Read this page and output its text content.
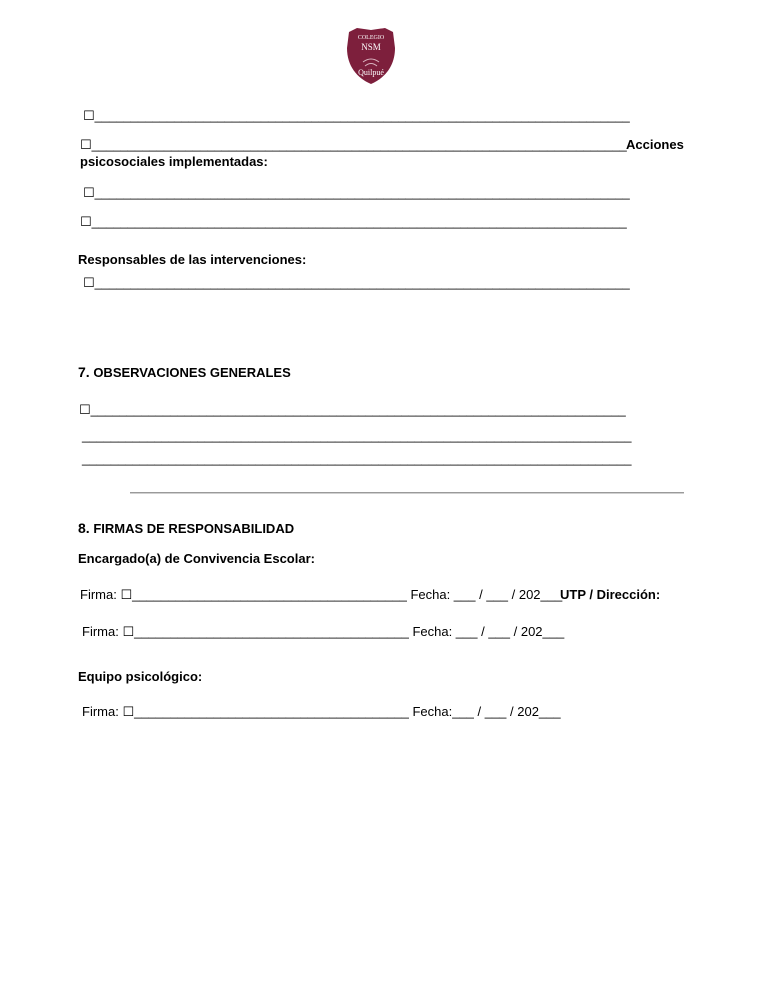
COLEGIO
NSM
Quilpué
☐__________________________________________________________________________
☐__________________________________________________________________________ Acciones
psicosociales implementadas:
☐__________________________________________________________________________
☐__________________________________________________________________________
Responsables de las intervenciones:
☐__________________________________________________________________________
7. OBSERVACIONES GENERALES
☐__________________________________________________________________________
____________________________________________________________________________
____________________________________________________________________________
8. FIRMAS DE RESPONSABILIDAD
Encargado(a) de Convivencia Escolar:
Firma: ☐______________________________________ Fecha: ___ / ___ / 202___
UTP / Dirección:
Firma: ☐______________________________________ Fecha: ___ / ___ / 202___
Equipo psicológico:
Firma: ☐______________________________________ Fecha:___ / ___ / 202___
